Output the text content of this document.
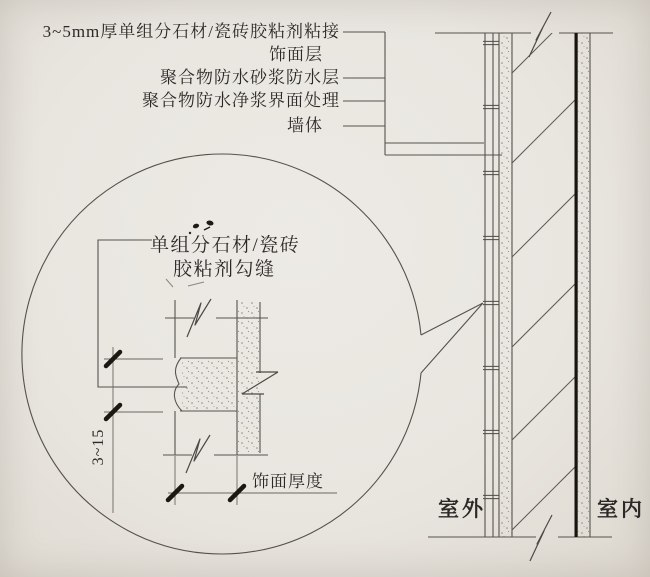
3~5mm厚单组分石材/瓷砖胶粘剂粘接
饰面层
聚合物防水砂浆防水层
聚合物防水净浆界面处理
墙体
单组分石材/瓷砖
胶粘剂勾缝
3~15
饰面厚度
室外	室内
